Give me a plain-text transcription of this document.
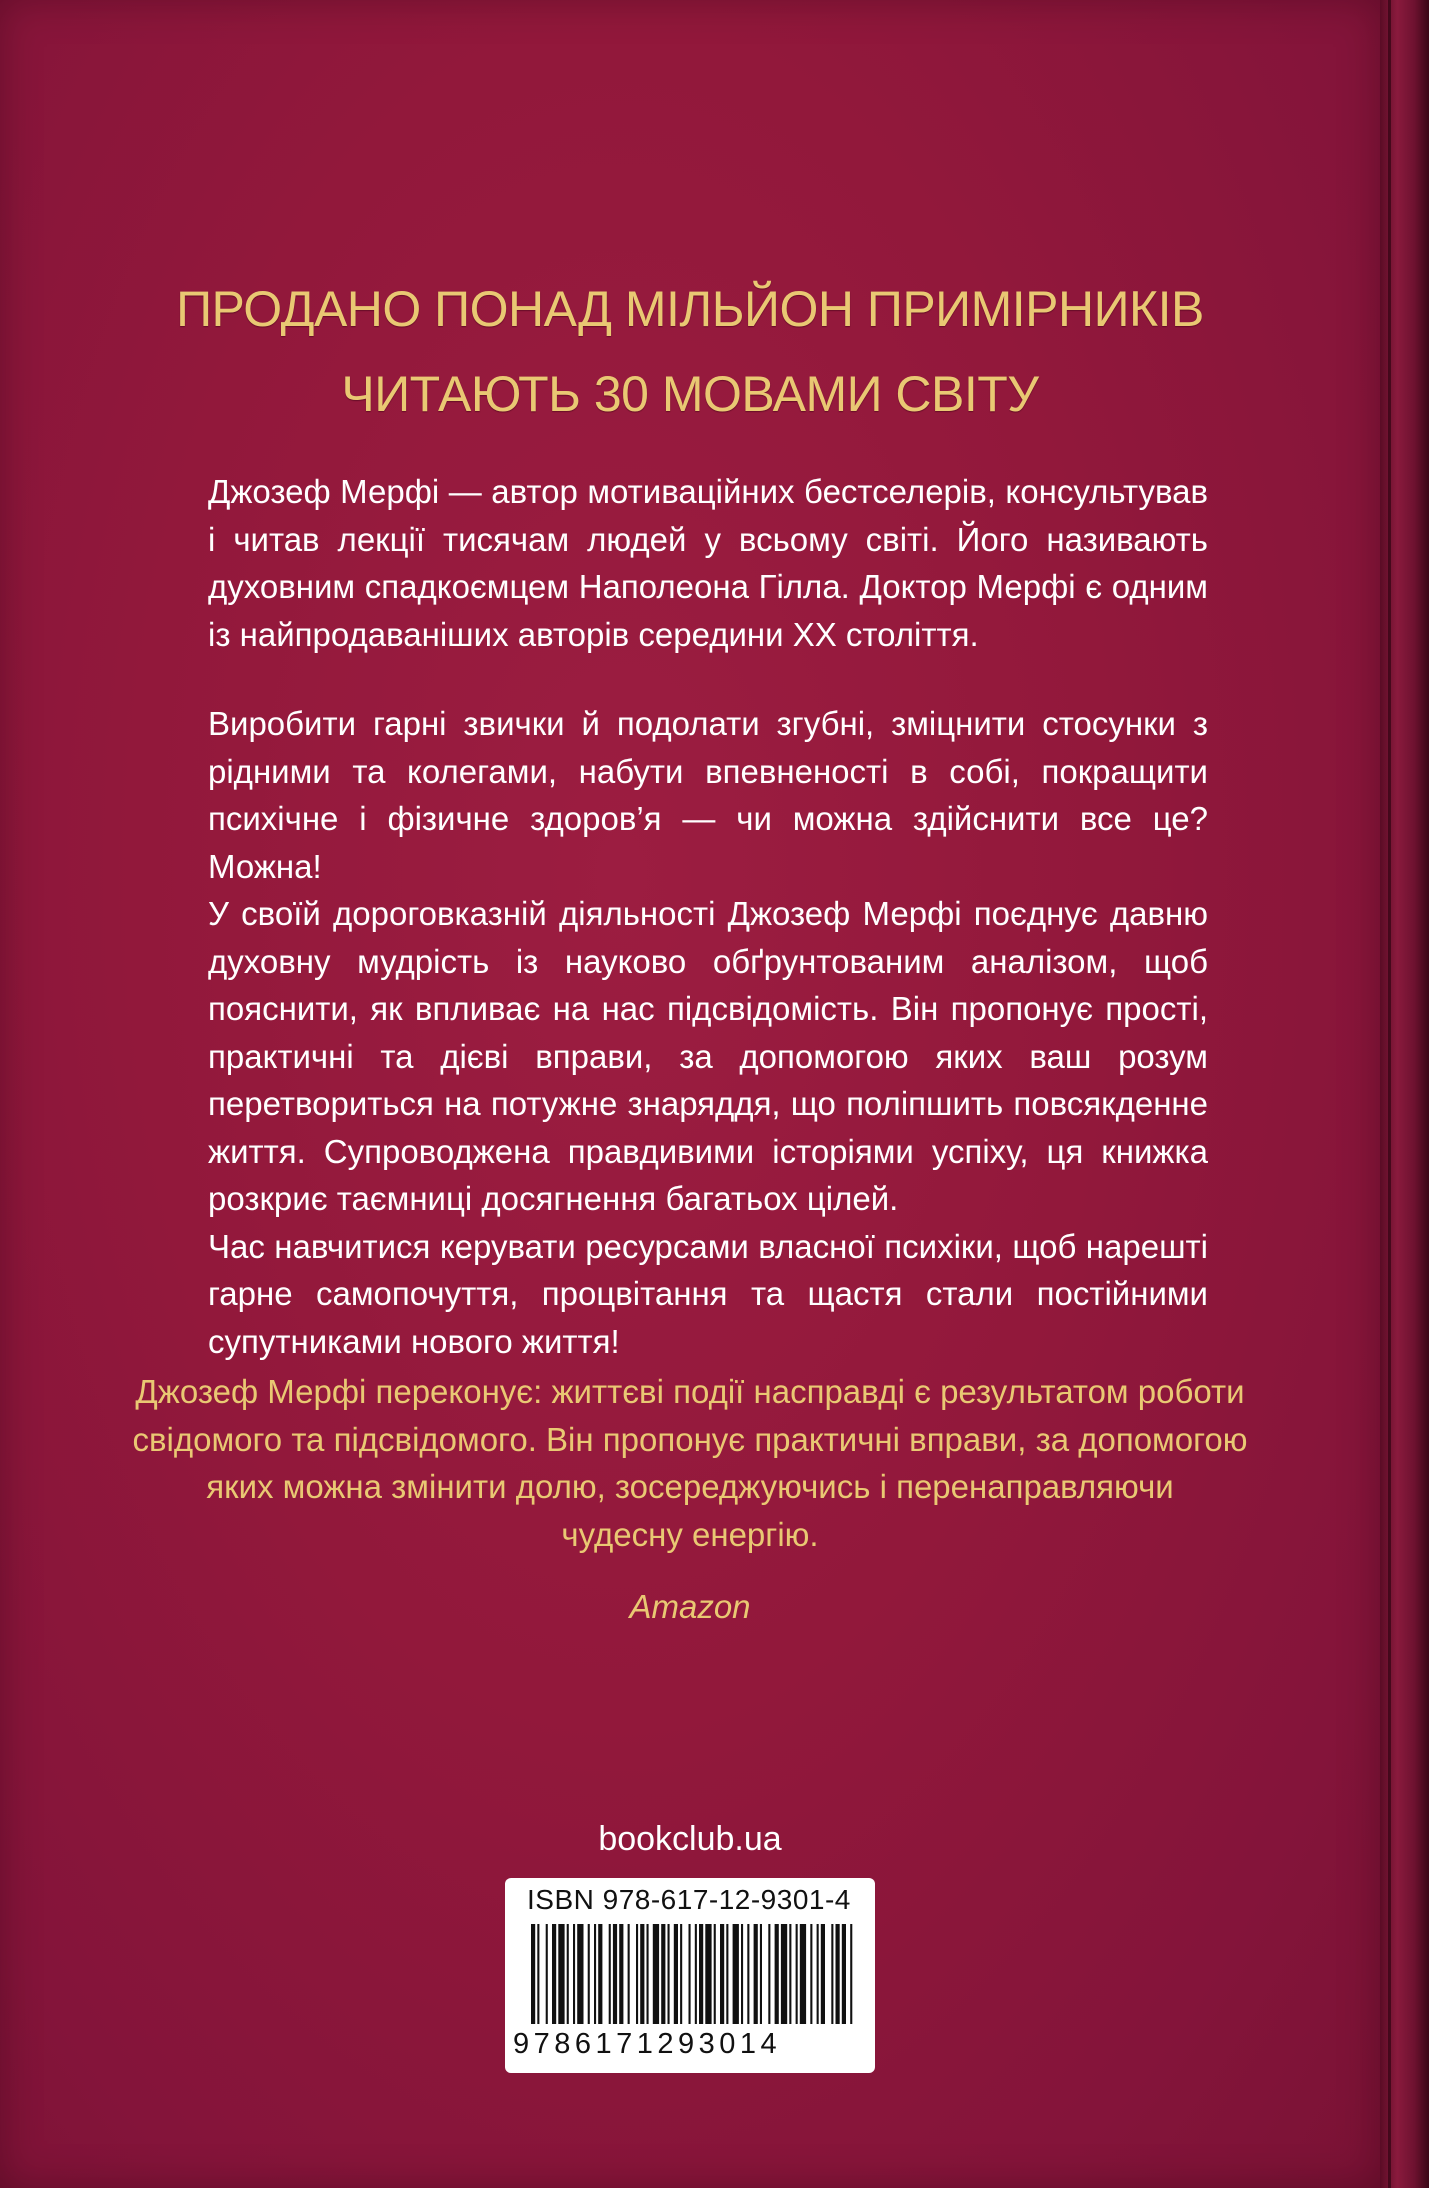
ПРОДАНО ПОНАД МІЛЬЙОН ПРИМІРНИКІВ
ЧИТАЮТЬ 30 МОВАМИ СВІТУ

Джозеф Мерфі — автор мотиваційних бестселерів, консультував і читав лекції тисячам людей у всьому світі. Його називають духовним спадкоємцем Наполеона Гілла. Доктор Мерфі є одним із найпродаваніших авторів середини ХХ століття.

Виробити гарні звички й подолати згубні, зміцнити стосунки з рідними та колегами, набути впевненості в собі, покращити психічне і фізичне здоров’я — чи можна здійснити все це? Можна!

У своїй дороговказній діяльності Джозеф Мерфі поєднує давню духовну мудрість із науково обґрунтованим аналізом, щоб пояснити, як впливає на нас підсвідомість. Він пропонує прості, практичні та дієві вправи, за допомогою яких ваш розум перетвориться на потужне знаряддя, що поліпшить повсякденне життя. Супроводжена правдивими історіями успіху, ця книжка розкриє таємниці досягнення багатьох цілей.

Час навчитися керувати ресурсами власної психіки, щоб нарешті гарне самопочуття, процвітання та щастя стали постійними супутниками нового життя!

Джозеф Мерфі переконує: життєві події насправді є результатом роботи
свідомого та підсвідомого. Він пропонує практичні вправи, за допомогою
яких можна змінити долю, зосереджуючись і перенаправляючи
чудесну енергію.
Amazon
bookclub.ua
ISBN 978-617-12-9301-4
9786171293014
